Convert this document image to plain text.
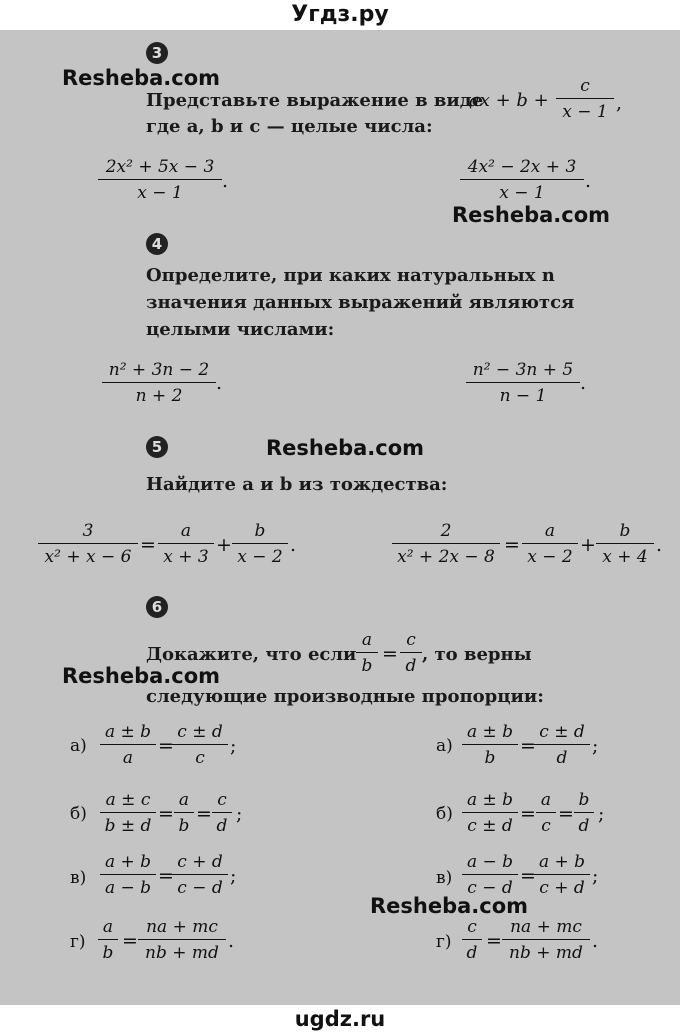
Угдз.ру
3
Resheba.com
Представьте выражение в виде
ax + $b + \frac{c}{x - 1}$ ,
где a, b и c — целые числа:
$\frac{\text{2x² + 5x − 3}}{x - 1}$ .	$\frac{\text{4x² − 2x + 3}}{x - 1}$ .
Resheba.com
4
Определите, при каких натуральных n
значения данных выражений являются
целыми числами:
$\frac{\text{n² + 3n − 2}}{n + 2}$ .	$\frac{\text{n² − 3n + 5}}{n - 1}$ .
5	Resheba.com
Найдите a и b из тождества:
$\frac{3}{\text{x² + x − 6}} = \frac{a}{x + 3} + \frac{b}{x - 2}$ .	$\frac{2}{\text{x² + 2x − 8}} = \frac{a}{x - 2} + \frac{b}{x + 4}$ .
6
Докажите, что если $\frac{a}{b} = \frac{c}{d}$ , то верны
Resheba.com
следующие производные пропорции:
$а) \frac{a \pm b}{a}$ =
$\frac{c \pm d}{c}$ ;
$б) \frac{a \pm c}{b \pm d} = \frac{a}{b} = \frac{c}{d}$ ;
$в) \frac{a + b}{a - b}$ =
$\frac{c + d}{c - d}$ ;
$г) \frac{a}{b} = \frac{na + mc}{nb + md}$ .
$а) \frac{a \pm b}{b}$ =
$\frac{c \pm d}{d}$ ;
$б) \frac{a \pm b}{c \pm d} = \frac{a}{c} = \frac{b}{d}$ ;
$в) \frac{a - b}{c - d}$ =
$\frac{a + b}{c + d}$ ;
Resheba.com
$г) \frac{c}{d} = \frac{na + mc}{nb + md}$ .
ugdz.ru
